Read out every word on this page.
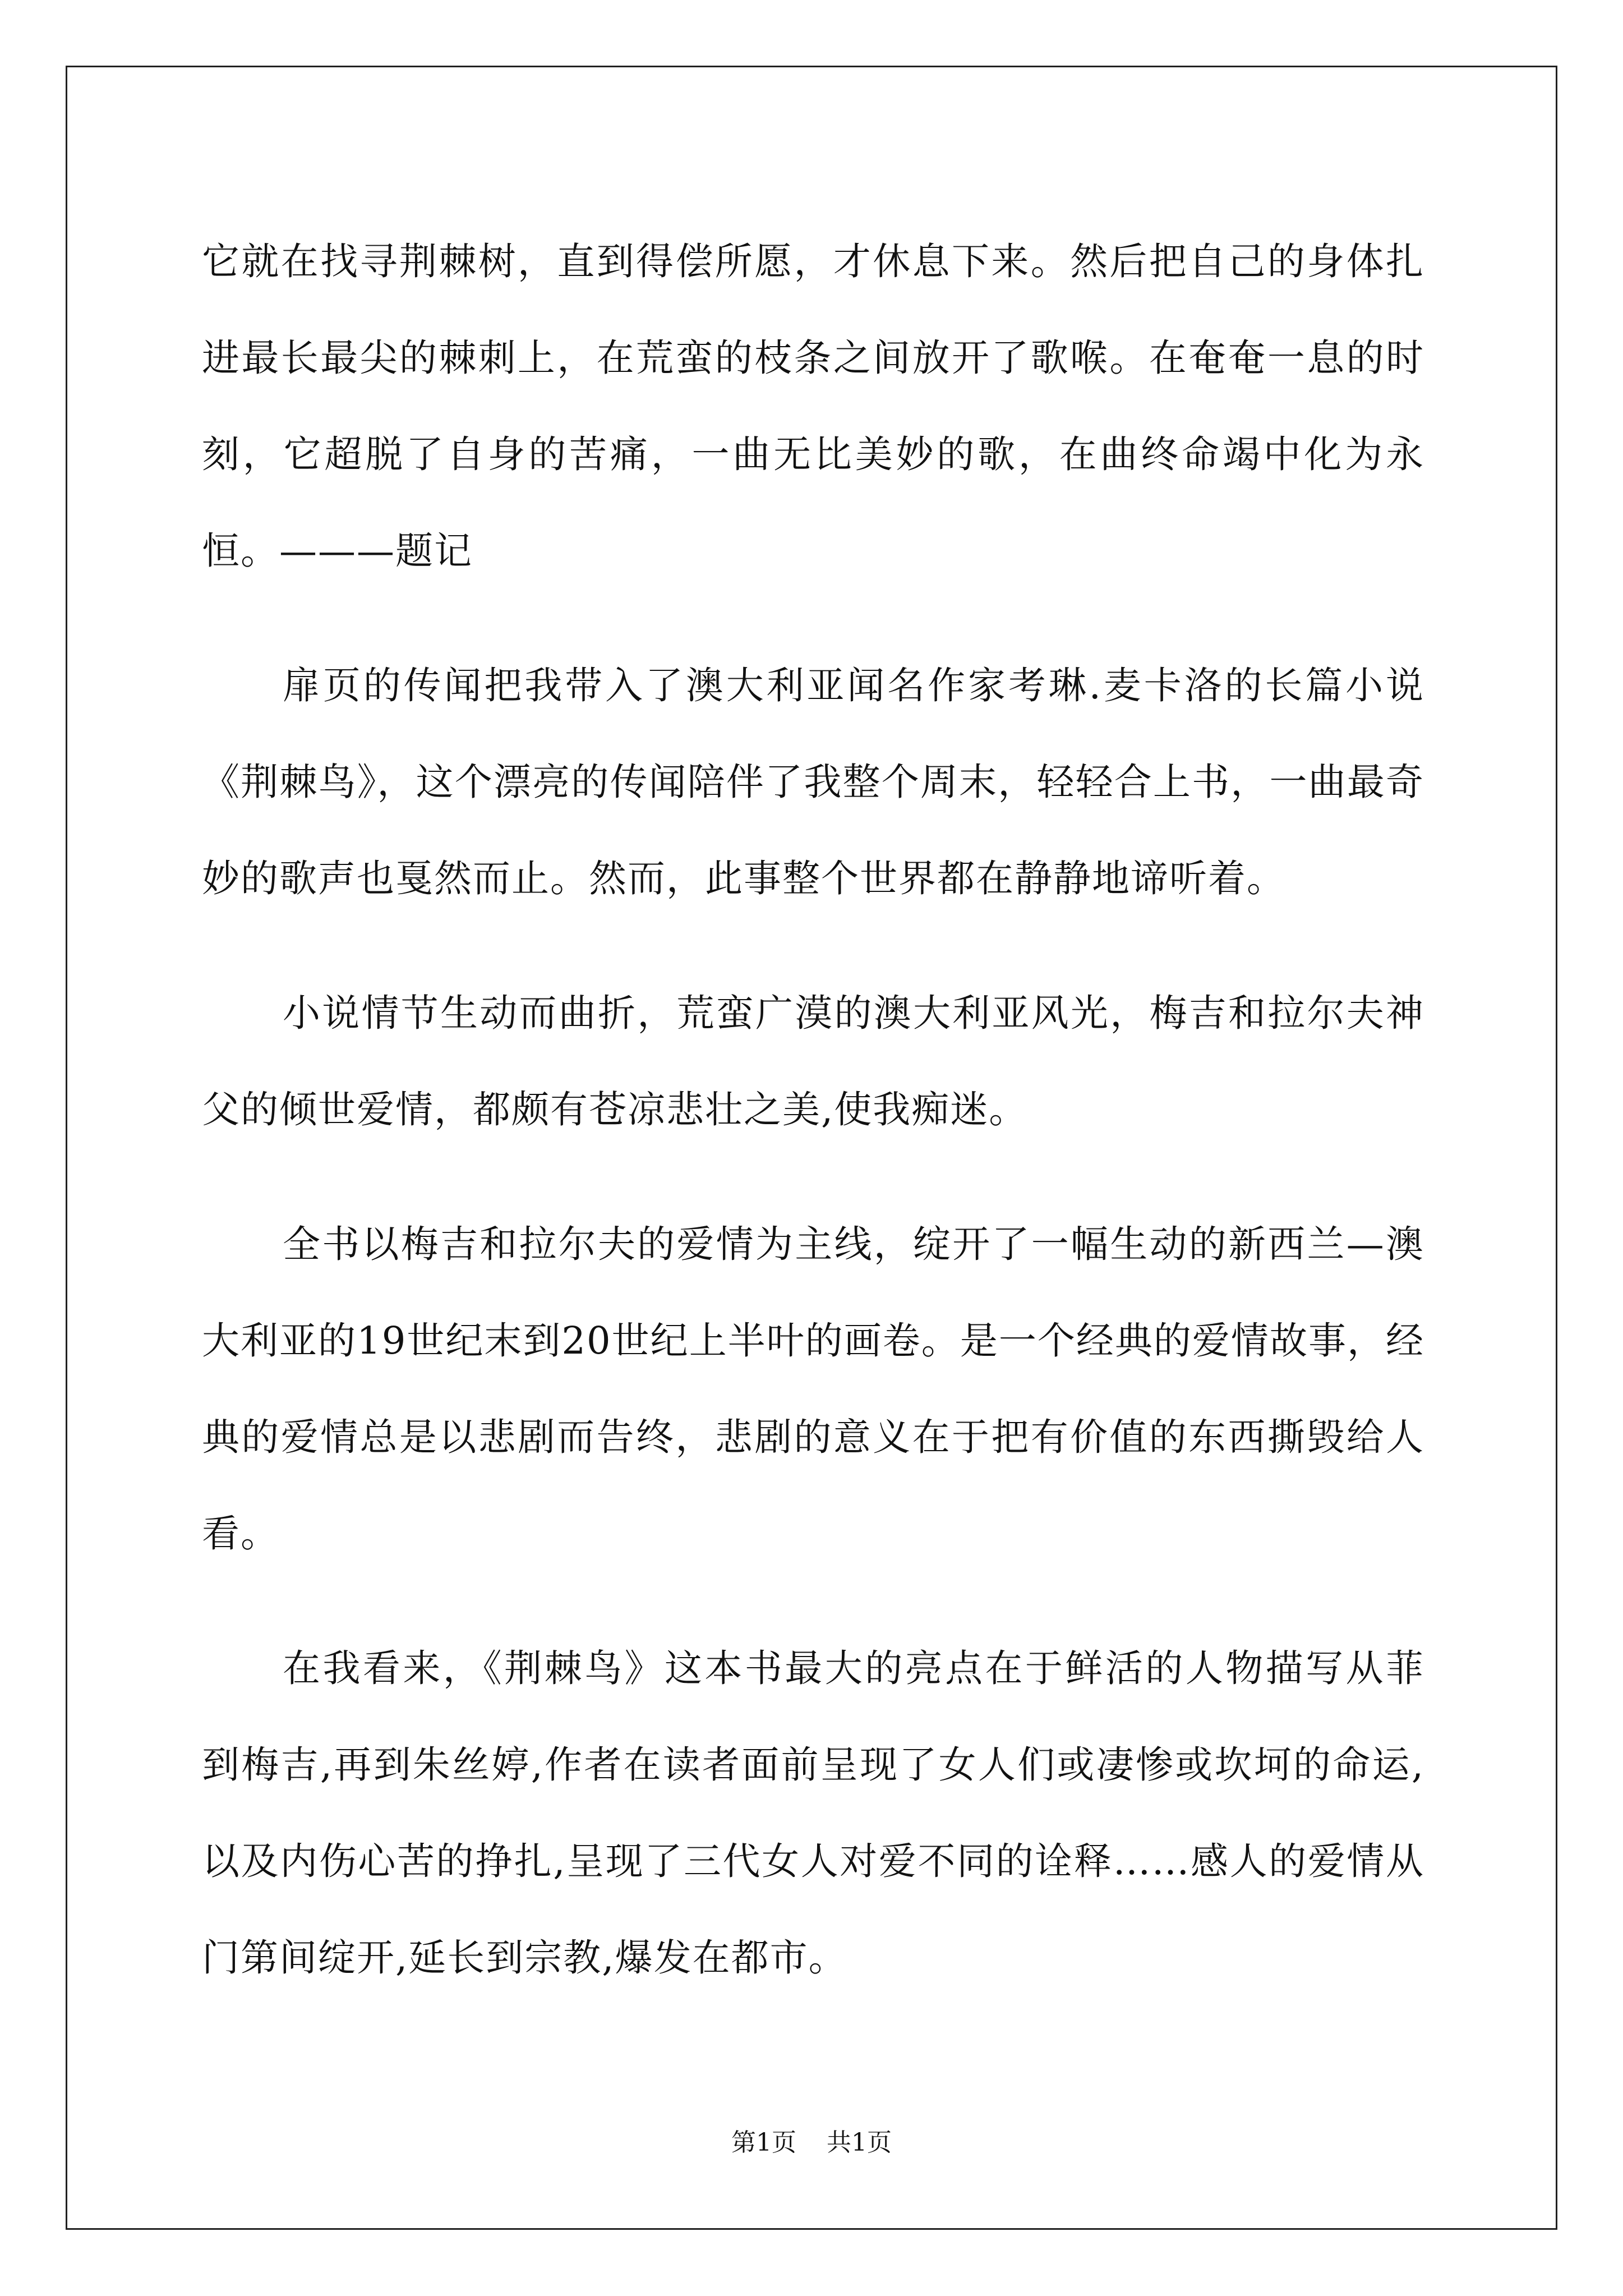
它就在找寻荆棘树，直到得偿所愿，才休息下来。然后把自己的身体扎进最长最尖的棘刺上，在荒蛮的枝条之间放开了歌喉。在奄奄一息的时刻，它超脱了自身的苦痛，一曲无比美妙的歌，在曲终命竭中化为永恒。———题记

扉页的传闻把我带入了澳大利亚闻名作家考琳.麦卡洛的长篇小说《荆棘鸟》，这个漂亮的传闻陪伴了我整个周末，轻轻合上书，一曲最奇妙的歌声也戛然而止。然而，此事整个世界都在静静地谛听着。

小说情节生动而曲折，荒蛮广漠的澳大利亚风光，梅吉和拉尔夫神父的倾世爱情，都颇有苍凉悲壮之美,使我痴迷。

全书以梅吉和拉尔夫的爱情为主线，绽开了一幅生动的新西兰—澳大利亚的19世纪末到20世纪上半叶的画卷。是一个经典的爱情故事，经典的爱情总是以悲剧而告终，悲剧的意义在于把有价值的东西撕毁给人看。

在我看来，《荆棘鸟》这本书最大的亮点在于鲜活的人物描写从菲到梅吉,再到朱丝婷,作者在读者面前呈现了女人们或凄惨或坎坷的命运,以及内伤心苦的挣扎,呈现了三代女人对爱不同的诠释……感人的爱情从门第间绽开,延长到宗教,爆发在都市。

第1页 共1页
